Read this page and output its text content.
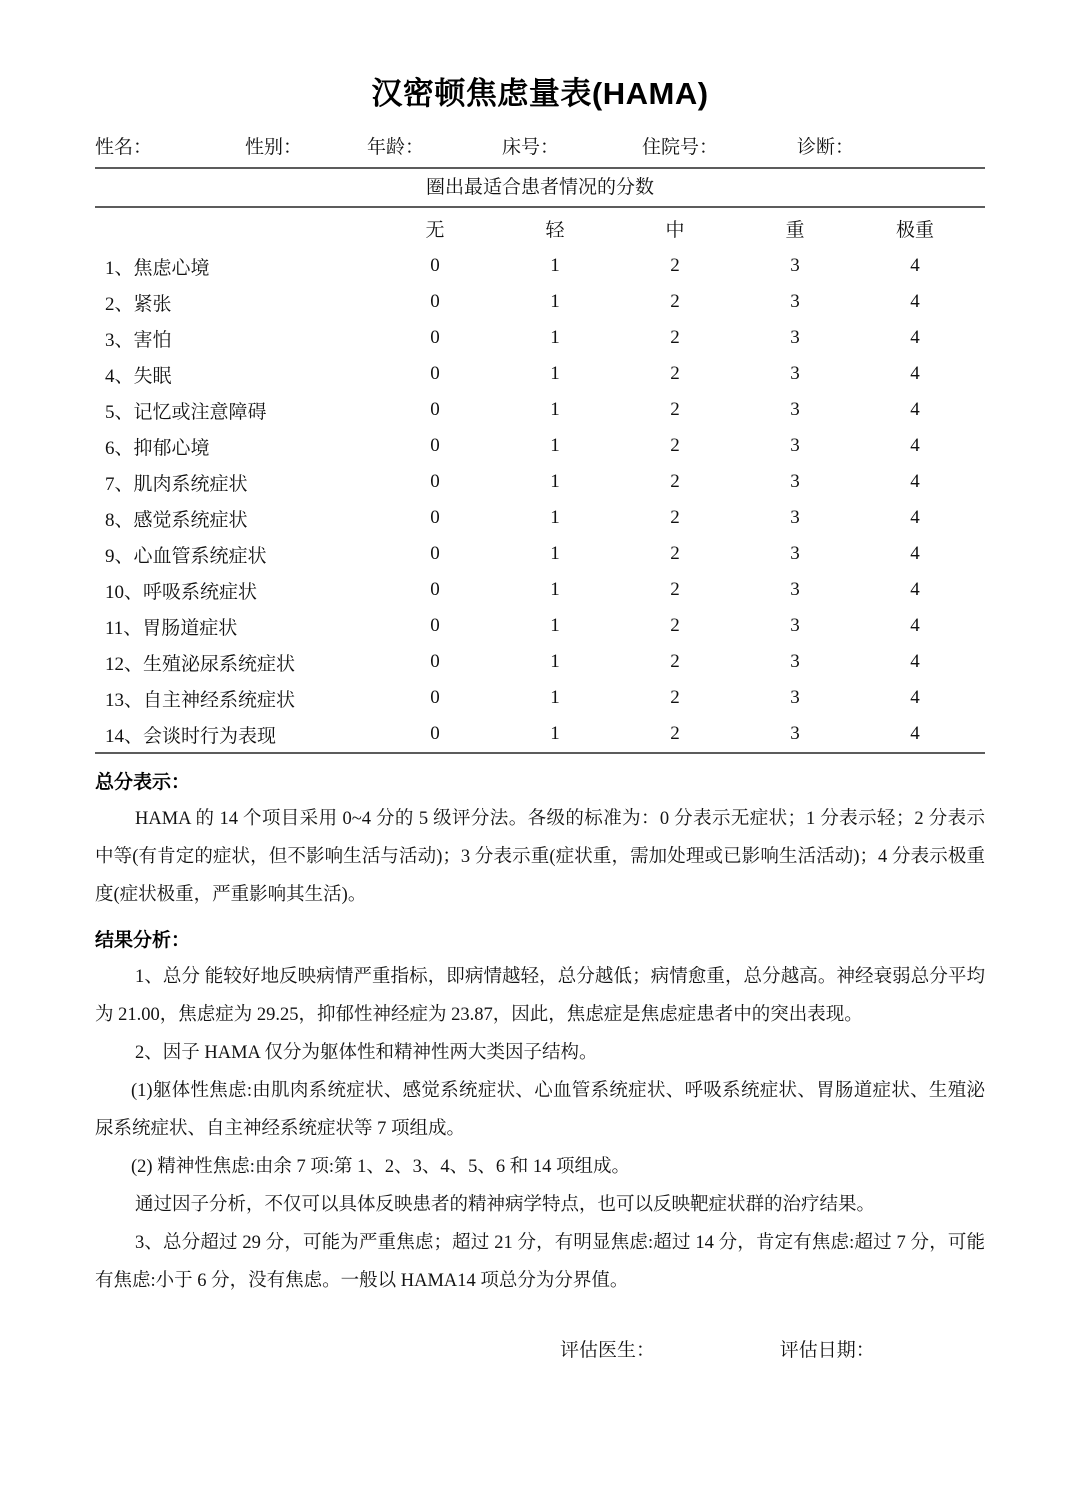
汉密顿焦虑量表(HAMA)
性名：	性别：	年龄：	床号：	住院号：	诊断：
圈出最适合患者情况的分数
	无	轻	中	重	极重
1、焦虑心境	0	1	2	3	4
2、紧张	0	1	2	3	4
3、害怕	0	1	2	3	4
4、失眠	0	1	2	3	4
5、记忆或注意障碍	0	1	2	3	4
6、抑郁心境	0	1	2	3	4
7、肌肉系统症状	0	1	2	3	4
8、感觉系统症状	0	1	2	3	4
9、心血管系统症状	0	1	2	3	4
10、呼吸系统症状	0	1	2	3	4
11、胃肠道症状	0	1	2	3	4
12、生殖泌尿系统症状	0	1	2	3	4
13、自主神经系统症状	0	1	2	3	4
14、会谈时行为表现	0	1	2	3	4
总分表示：

HAMA 的 14 个项目采用 0~4 分的 5 级评分法。各级的标准为：0 分表示无症状；1 分表示轻；2 分表示中等(有肯定的症状，但不影响生活与活动)；3 分表示重(症状重，需加处理或已影响生活活动)；4 分表示极重度(症状极重，严重影响其生活)。

结果分析：

1、总分 能较好地反映病情严重指标，即病情越轻，总分越低；病情愈重，总分越高。神经衰弱总分平均为 21.00，焦虑症为 29.25，抑郁性神经症为 23.87，因此，焦虑症是焦虑症患者中的突出表现。

2、因子 HAMA 仅分为躯体性和精神性两大类因子结构。

(1)躯体性焦虑:由肌肉系统症状、感觉系统症状、心血管系统症状、呼吸系统症状、胃肠道症状、生殖泌尿系统症状、自主神经系统症状等 7 项组成。

(2) 精神性焦虑:由余 7 项:第 1、2、3、4、5、6 和 14 项组成。

通过因子分析，不仅可以具体反映患者的精神病学特点，也可以反映靶症状群的治疗结果。

3、总分超过 29 分，可能为严重焦虑；超过 21 分，有明显焦虑:超过 14 分，肯定有焦虑:超过 7 分，可能有焦虑:小于 6 分，没有焦虑。一般以 HAMA14 项总分为分界值。

评估医生：	评估日期：
